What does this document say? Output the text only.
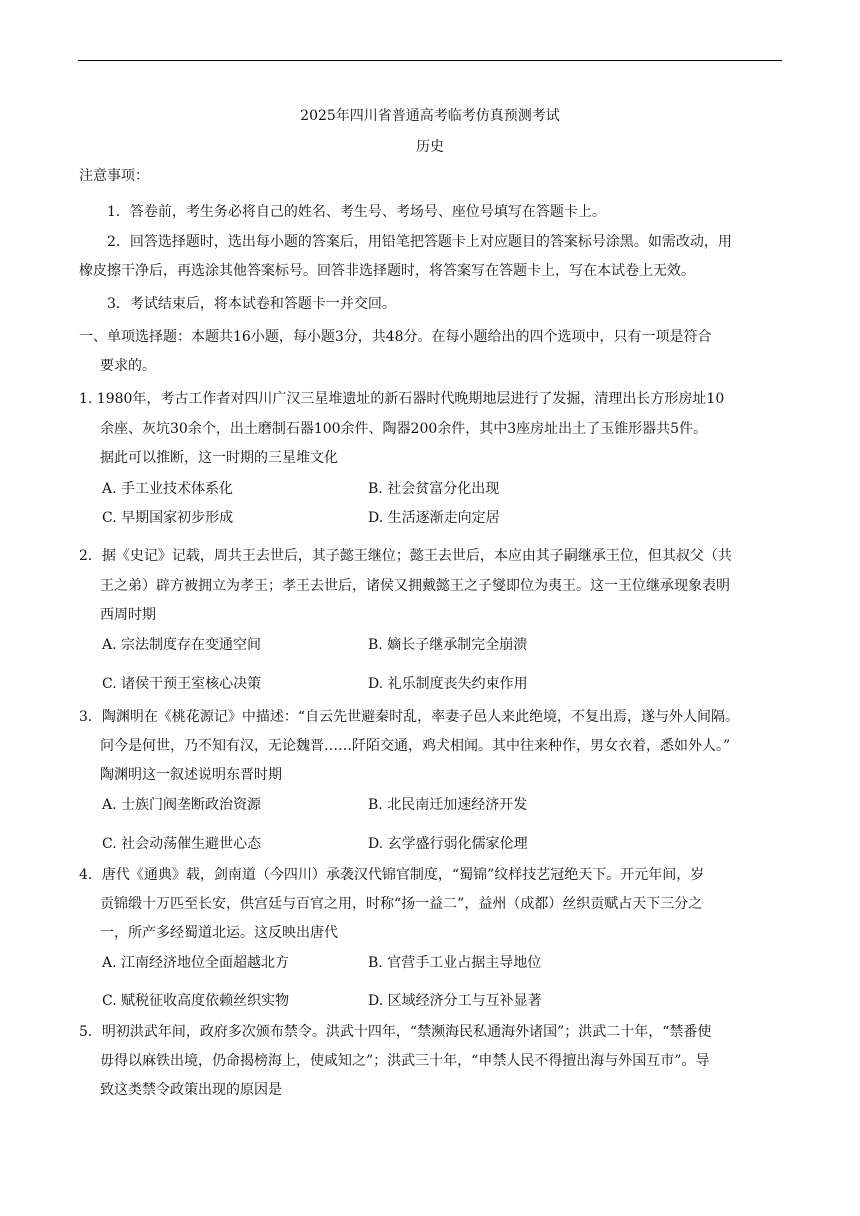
2025年四川省普通高考临考仿真预测考试
历史
注意事项：
1．答卷前，考生务必将自己的姓名、考生号、考场号、座位号填写在答题卡上。
2．回答选择题时，选出每小题的答案后，用铅笔把答题卡上对应题目的答案标号涂黑。如需改动，用
橡皮擦干净后，再选涂其他答案标号。回答非选择题时，将答案写在答题卡上，写在本试卷上无效。
3．考试结束后，将本试卷和答题卡一并交回。
一、单项选择题：本题共16小题，每小题3分，共48分。在每小题给出的四个选项中，只有一项是符合
要求的。
1. 1980年，考古工作者对四川广汉三星堆遗址的新石器时代晚期地层进行了发掘，清理出长方形房址10
余座、灰坑30余个，出土磨制石器100余件、陶器200余件，其中3座房址出土了玉锥形器共5件。
据此可以推断，这一时期的三星堆文化
A. 手工业技术体系化	B. 社会贫富分化出现
C. 早期国家初步形成	D. 生活逐渐走向定居
2．据《史记》记载，周共王去世后，其子懿王继位；懿王去世后，本应由其子嗣继承王位，但其叔父（共
王之弟）辟方被拥立为孝王；孝王去世后，诸侯又拥戴懿王之子燮即位为夷王。这一王位继承现象表明
西周时期
A. 宗法制度存在变通空间	B. 嫡长子继承制完全崩溃
C. 诸侯干预王室核心决策	D. 礼乐制度丧失约束作用
3．陶渊明在《桃花源记》中描述：“自云先世避秦时乱，率妻子邑人来此绝境，不复出焉，遂与外人间隔。
问今是何世，乃不知有汉，无论魏晋……阡陌交通，鸡犬相闻。其中往来种作，男女衣着，悉如外人。”
陶渊明这一叙述说明东晋时期
A. 士族门阀垄断政治资源	B. 北民南迁加速经济开发
C. 社会动荡催生避世心态	D. 玄学盛行弱化儒家伦理
4．唐代《通典》载，剑南道（今四川）承袭汉代锦官制度，“蜀锦”纹样技艺冠绝天下。开元年间，岁
贡锦缎十万匹至长安，供宫廷与百官之用，时称“扬一益二”，益州（成都）丝织贡赋占天下三分之
一，所产多经蜀道北运。这反映出唐代
A. 江南经济地位全面超越北方	B. 官营手工业占据主导地位
C. 赋税征收高度依赖丝织实物	D. 区域经济分工与互补显著
5．明初洪武年间，政府多次颁布禁令。洪武十四年，“禁濒海民私通海外诸国”；洪武二十年，“禁番使
毋得以麻铁出境，仍命揭榜海上，使咸知之”；洪武三十年，“申禁人民不得擅出海与外国互市”。导
致这类禁令政策出现的原因是
